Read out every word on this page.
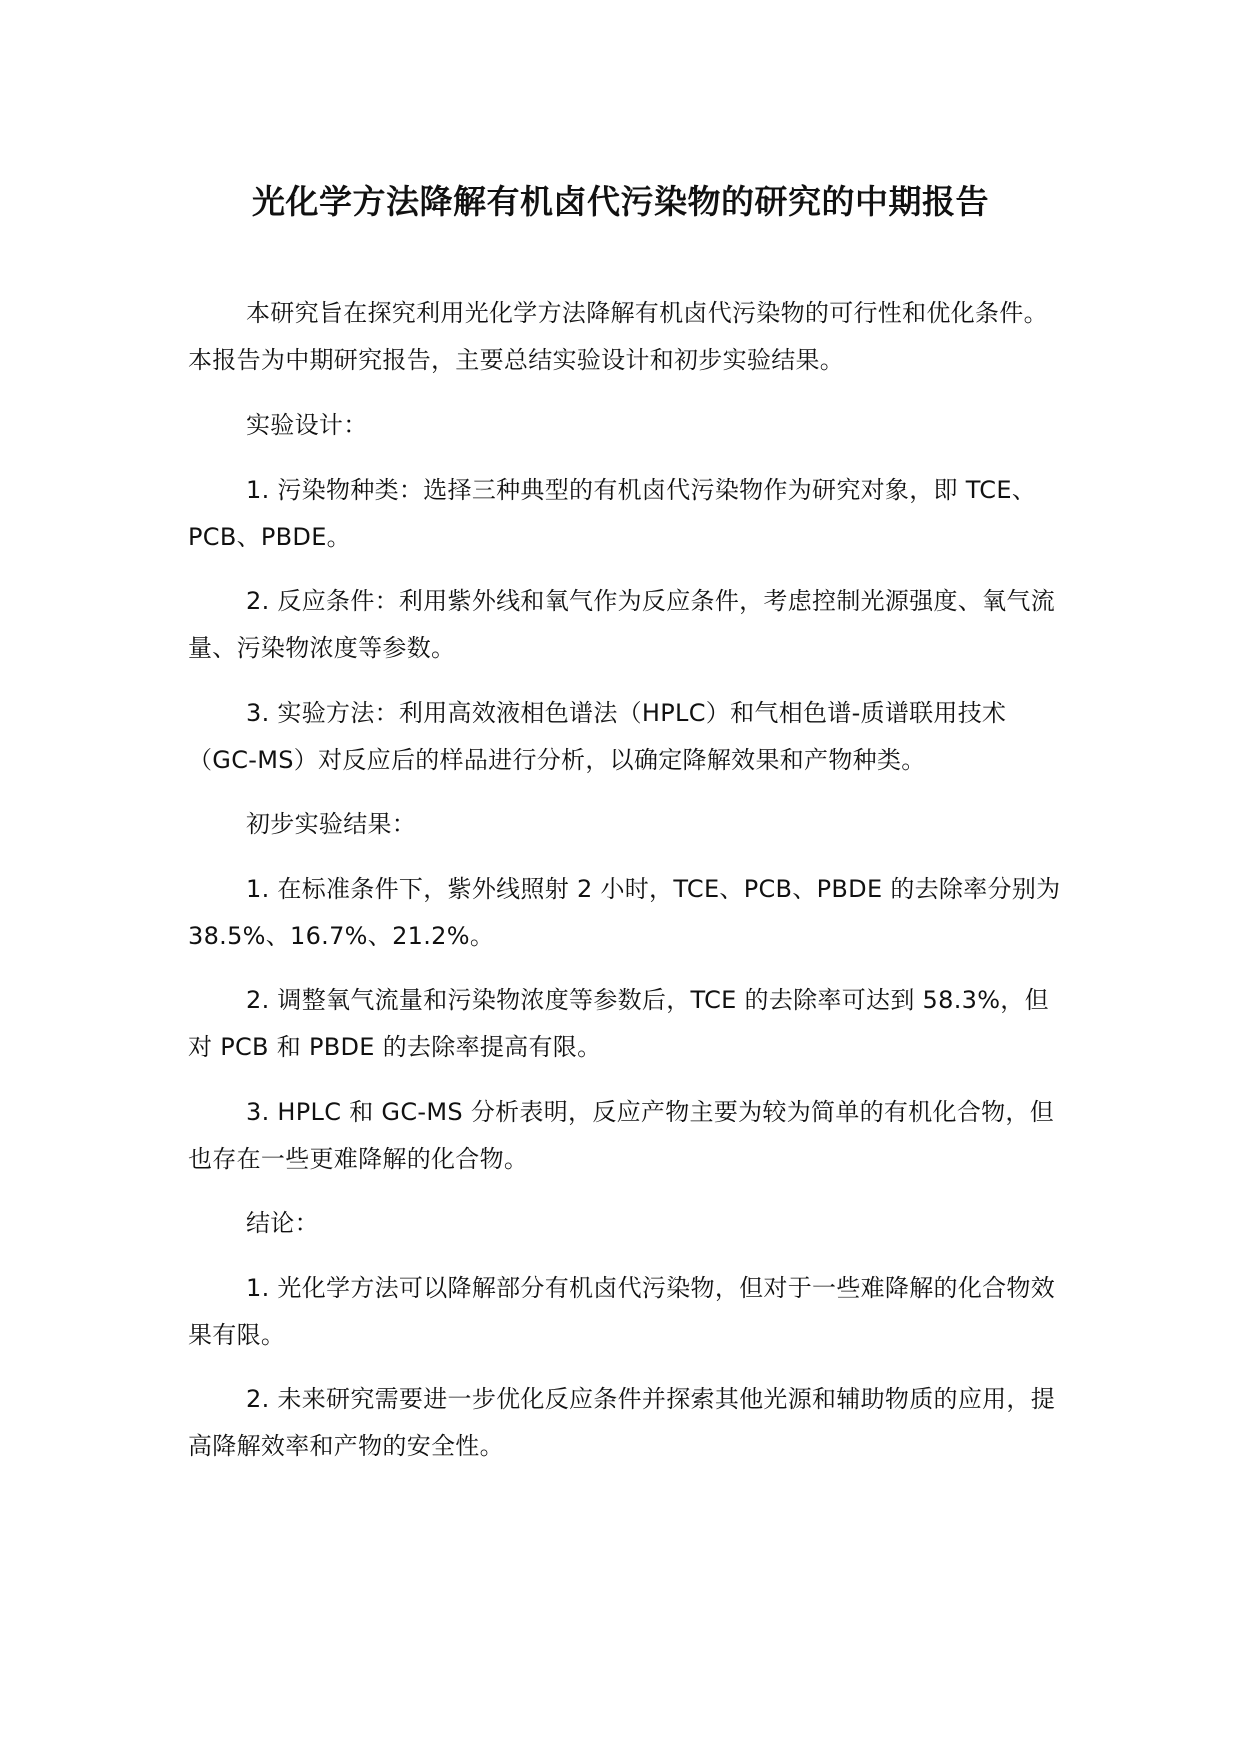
光化学方法降解有机卤代污染物的研究的中期报告

本研究旨在探究利用光化学方法降解有机卤代污染物的可行性和优化条件。本报告为中期研究报告，主要总结实验设计和初步实验结果。

实验设计：

1. 污染物种类：选择三种典型的有机卤代污染物作为研究对象，即 TCE、PCB、PBDE。

2. 反应条件：利用紫外线和氧气作为反应条件，考虑控制光源强度、氧气流量、污染物浓度等参数。

3. 实验方法：利用高效液相色谱法（HPLC）和气相色谱-质谱联用技术（GC-MS）对反应后的样品进行分析，以确定降解效果和产物种类。

初步实验结果：

1. 在标准条件下，紫外线照射 2 小时，TCE、PCB、PBDE 的去除率分别为 38.5%、16.7%、21.2%。

2. 调整氧气流量和污染物浓度等参数后，TCE 的去除率可达到 58.3%，但对 PCB 和 PBDE 的去除率提高有限。

3. HPLC 和 GC-MS 分析表明，反应产物主要为较为简单的有机化合物，但也存在一些更难降解的化合物。

结论：

1. 光化学方法可以降解部分有机卤代污染物，但对于一些难降解的化合物效果有限。

2. 未来研究需要进一步优化反应条件并探索其他光源和辅助物质的应用，提高降解效率和产物的安全性。
